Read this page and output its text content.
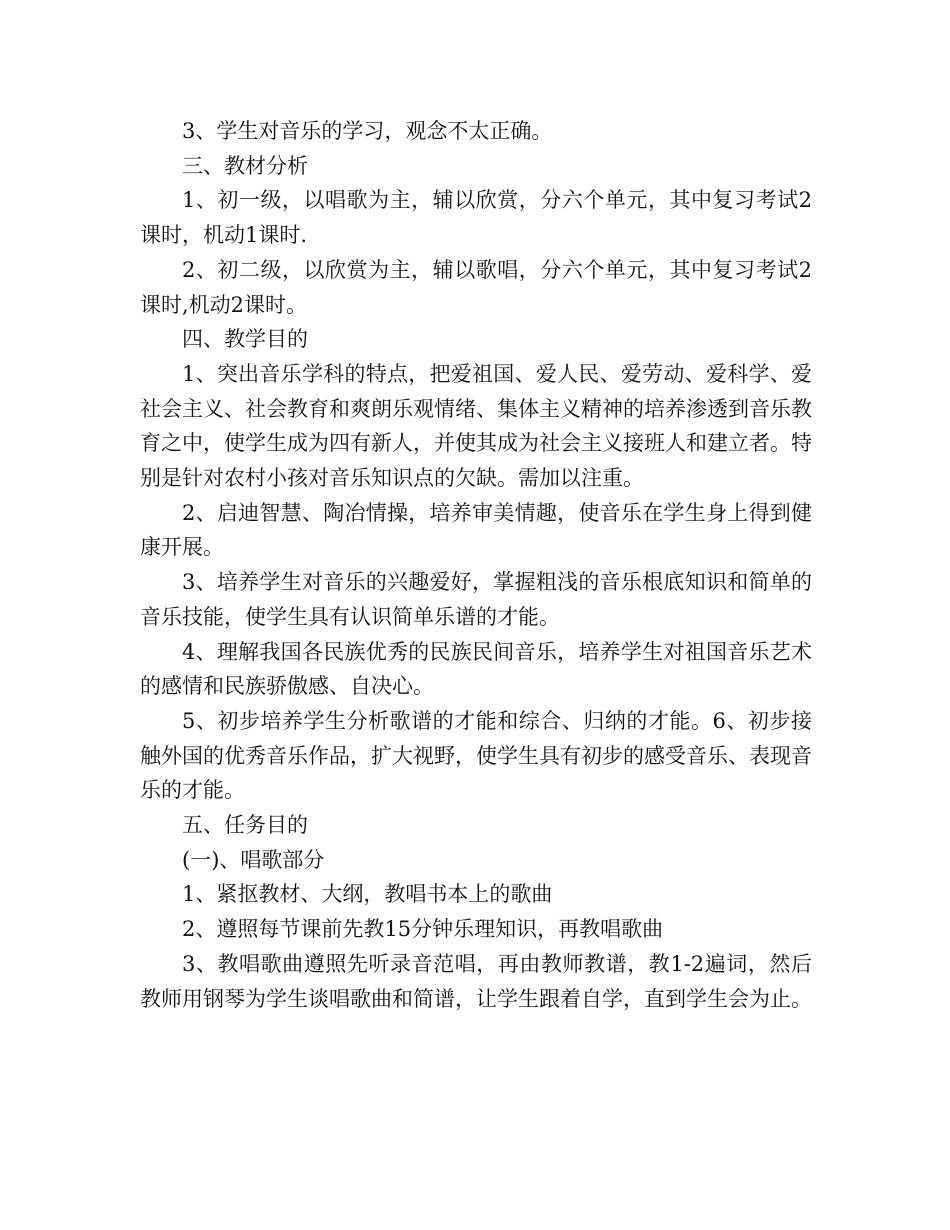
3、学生对音乐的学习，观念不太正确。

三、教材分析

1、初一级，以唱歌为主，辅以欣赏，分六个单元，其中复习考试2课时，机动1课时.

2、初二级，以欣赏为主，辅以歌唱，分六个单元，其中复习考试2课时,机动2课时。

四、教学目的

1、突出音乐学科的特点，把爱祖国、爱人民、爱劳动、爱科学、爱社会主义、社会教育和爽朗乐观情绪、集体主义精神的培养渗透到音乐教育之中，使学生成为四有新人，并使其成为社会主义接班人和建立者。特别是针对农村小孩对音乐知识点的欠缺。需加以注重。

2、启迪智慧、陶冶情操，培养审美情趣，使音乐在学生身上得到健康开展。

3、培养学生对音乐的兴趣爱好，掌握粗浅的音乐根底知识和简单的音乐技能，使学生具有认识简单乐谱的才能。

4、理解我国各民族优秀的民族民间音乐，培养学生对祖国音乐艺术的感情和民族骄傲感、自决心。

5、初步培养学生分析歌谱的才能和综合、归纳的才能。6、初步接触外国的优秀音乐作品，扩大视野，使学生具有初步的感受音乐、表现音乐的才能。

五、任务目的

(一)、唱歌部分

1、紧抠教材、大纲，教唱书本上的歌曲

2、遵照每节课前先教15分钟乐理知识，再教唱歌曲

3、教唱歌曲遵照先听录音范唱，再由教师教谱，教1-2遍词，然后教师用钢琴为学生谈唱歌曲和简谱，让学生跟着自学，直到学生会为止。
